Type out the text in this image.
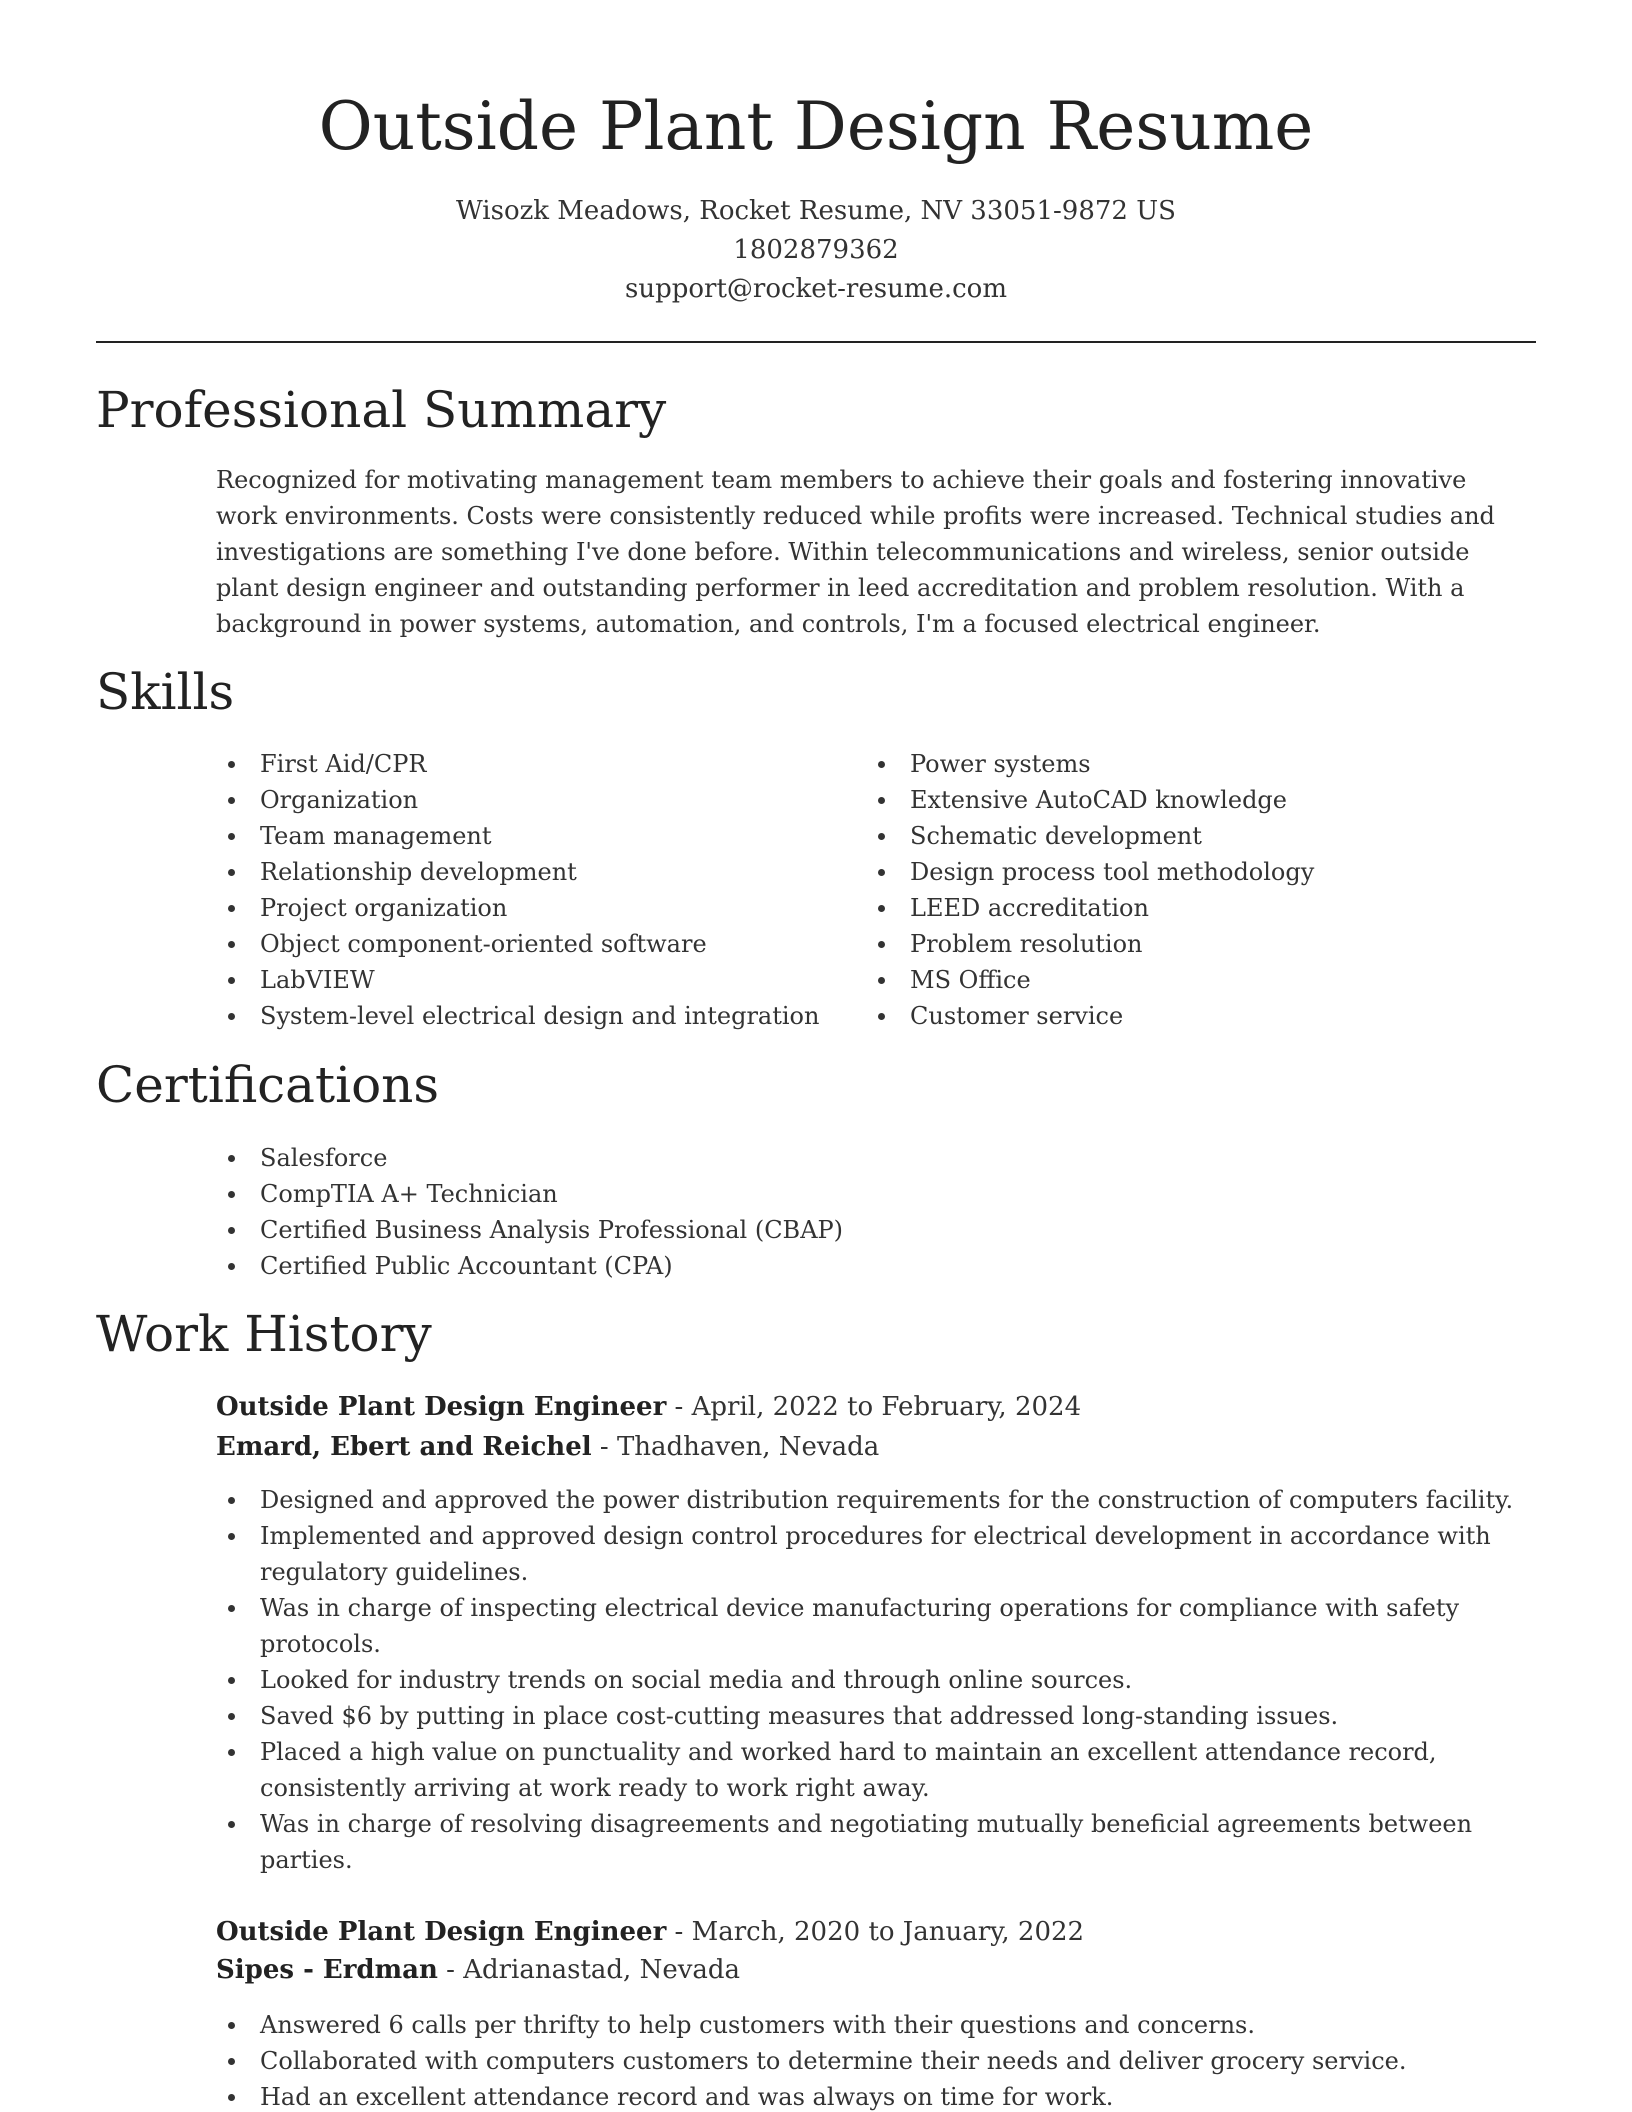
Outside Plant Design Resume
Wisozk Meadows, Rocket Resume, NV 33051-9872 US
1802879362
support@rocket-resume.com
Professional Summary

Recognized for motivating management team members to achieve their goals and fostering innovative work environments. Costs were consistently reduced while profits were increased. Technical studies and investigations are something I've done before. Within telecommunications and wireless, senior outside plant design engineer and outstanding performer in leed accreditation and problem resolution. With a background in power systems, automation, and controls, I'm a focused electrical engineer.

Skills
First Aid/CPR
Organization
Team management
Relationship development
Project organization
Object component-oriented software
LabVIEW
System-level electrical design and integration
Power systems
Extensive AutoCAD knowledge
Schematic development
Design process tool methodology
LEED accreditation
Problem resolution
MS Office
Customer service
Certifications
Salesforce
CompTIA A+ Technician
Certified Business Analysis Professional (CBAP)
Certified Public Accountant (CPA)
Work History
Outside Plant Design Engineer - April, 2022 to February, 2024
Emard, Ebert and Reichel - Thadhaven, Nevada
Designed and approved the power distribution requirements for the construction of computers facility.
Implemented and approved design control procedures for electrical development in accordance with regulatory guidelines.
Was in charge of inspecting electrical device manufacturing operations for compliance with safety protocols.
Looked for industry trends on social media and through online sources.
Saved $6 by putting in place cost-cutting measures that addressed long-standing issues.
Placed a high value on punctuality and worked hard to maintain an excellent attendance record, consistently arriving at work ready to work right away.
Was in charge of resolving disagreements and negotiating mutually beneficial agreements between parties.
Outside Plant Design Engineer - March, 2020 to January, 2022
Sipes - Erdman - Adrianastad, Nevada
Answered 6 calls per thrifty to help customers with their questions and concerns.
Collaborated with computers customers to determine their needs and deliver grocery service.
Had an excellent attendance record and was always on time for work.
